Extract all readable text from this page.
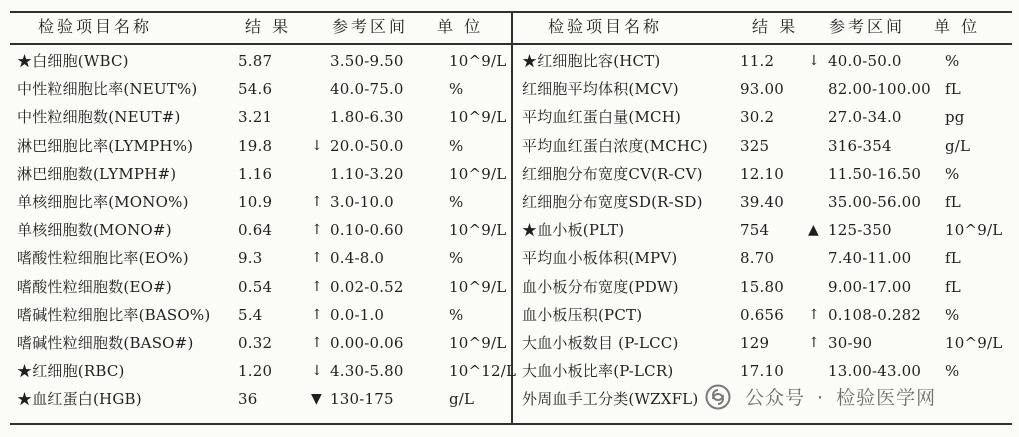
检验项目名称	结 果	参考区间 单 位	检验项目名称	结 果 参考区间 单 位
★白细胞(WBC)	5.87	3.50-9.50	10^9/L
中性粒细胞比率(NEUT%)	54.6	40.0-75.0	%
中性粒细胞数(NEUT#)	3.21	1.80-6.30	10^9/L
淋巴细胞比率(LYMPH%)	19.8	↓ 20.0-50.0	%
淋巴细胞数(LYMPH#)	1.16	1.10-3.20	10^9/L
单核细胞比率(MONO%)	10.9	↑ 3.0-10.0	%
单核细胞数(MONO#)	0.64	↑ 0.10-0.60	10^9/L
嗜酸性粒细胞比率(EO%)	9.3	↑ 0.4-8.0	%
嗜酸性粒细胞数(EO#)	0.54	↑ 0.02-0.52	10^9/L
嗜碱性粒细胞比率(BASO%) 5.4	↑ 0.0-1.0	%
嗜碱性粒细胞数(BASO#)	0.32	↑ 0.00-0.06	10^9/L
★红细胞(RBC)	1.20	↓ 4.30-5.80	10^12/L
★血红蛋白(HGB)	36	▼ 130-175	g/L
★红细胞比容(HCT)	11.2 ↓ 40.0-50.0	%
红细胞平均体积(MCV)	93.00	82.00-100.00 fL
平均血红蛋白量(MCH)	30.2	27.0-34.0	pg
平均血红蛋白浓度(MCHC) 325	316-354	g/L
红细胞分布宽度CV(R-CV) 12.10	11.50-16.50 %
红细胞分布宽度SD(R-SD) 39.40	35.00-56.00 fL
★血小板(PLT)	754	▲ 125-350	10^9/L
平均血小板体积(MPV)	8.70	7.40-11.00 fL
血小板分布宽度(PDW)	15.80	9.00-17.00 fL
血小板压积(PCT)	0.656 ↑ 0.108-0.282 %
大血小板数目 (P-LCC)	129	↑ 30-90	10^9/L
大血小板比率(P-LCR)	17.10	13.00-43.00 %
外周血手工分类(WZXFL)	公众号 · 检验医学网
